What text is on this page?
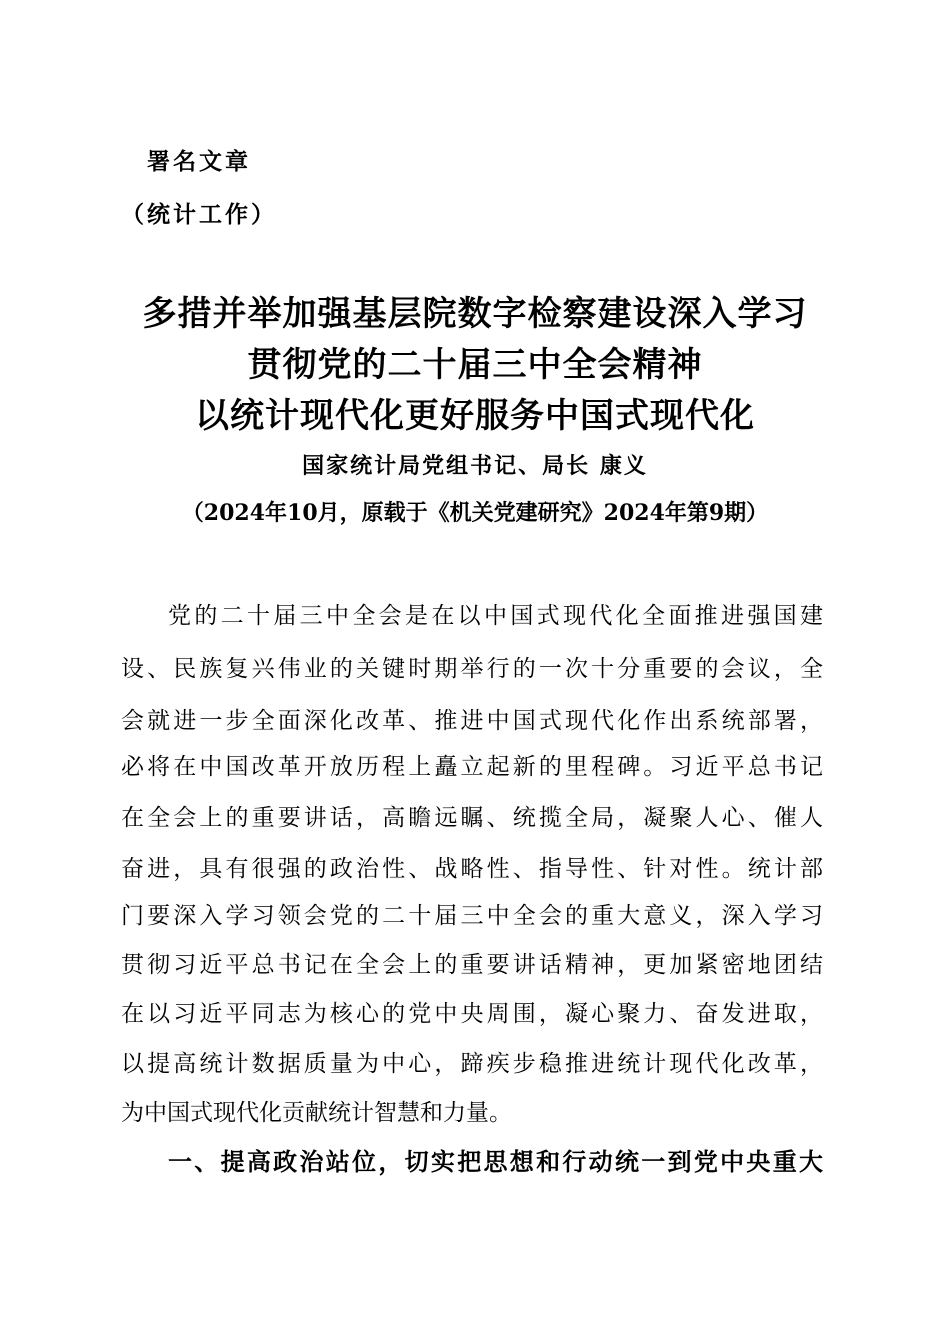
署名文章
（统计工作）
多措并举加强基层院数字检察建设深入学习
贯彻党的二十届三中全会精神
以统计现代化更好服务中国式现代化
国家统计局党组书记、局长 康义
（2024年10月，原载于《机关党建研究》2024年第9期）
党的二十届三中全会是在以中国式现代化全面推进强国建
设、民族复兴伟业的关键时期举行的一次十分重要的会议，全
会就进一步全面深化改革、推进中国式现代化作出系统部署，
必将在中国改革开放历程上矗立起新的里程碑。习近平总书记
在全会上的重要讲话，高瞻远瞩、统揽全局，凝聚人心、催人
奋进，具有很强的政治性、战略性、指导性、针对性。统计部
门要深入学习领会党的二十届三中全会的重大意义，深入学习
贯彻习近平总书记在全会上的重要讲话精神，更加紧密地团结
在以习近平同志为核心的党中央周围，凝心聚力、奋发进取，
以提高统计数据质量为中心，蹄疾步稳推进统计现代化改革，
为中国式现代化贡献统计智慧和力量。
一、提高政治站位，切实把思想和行动统一到党中央重大
